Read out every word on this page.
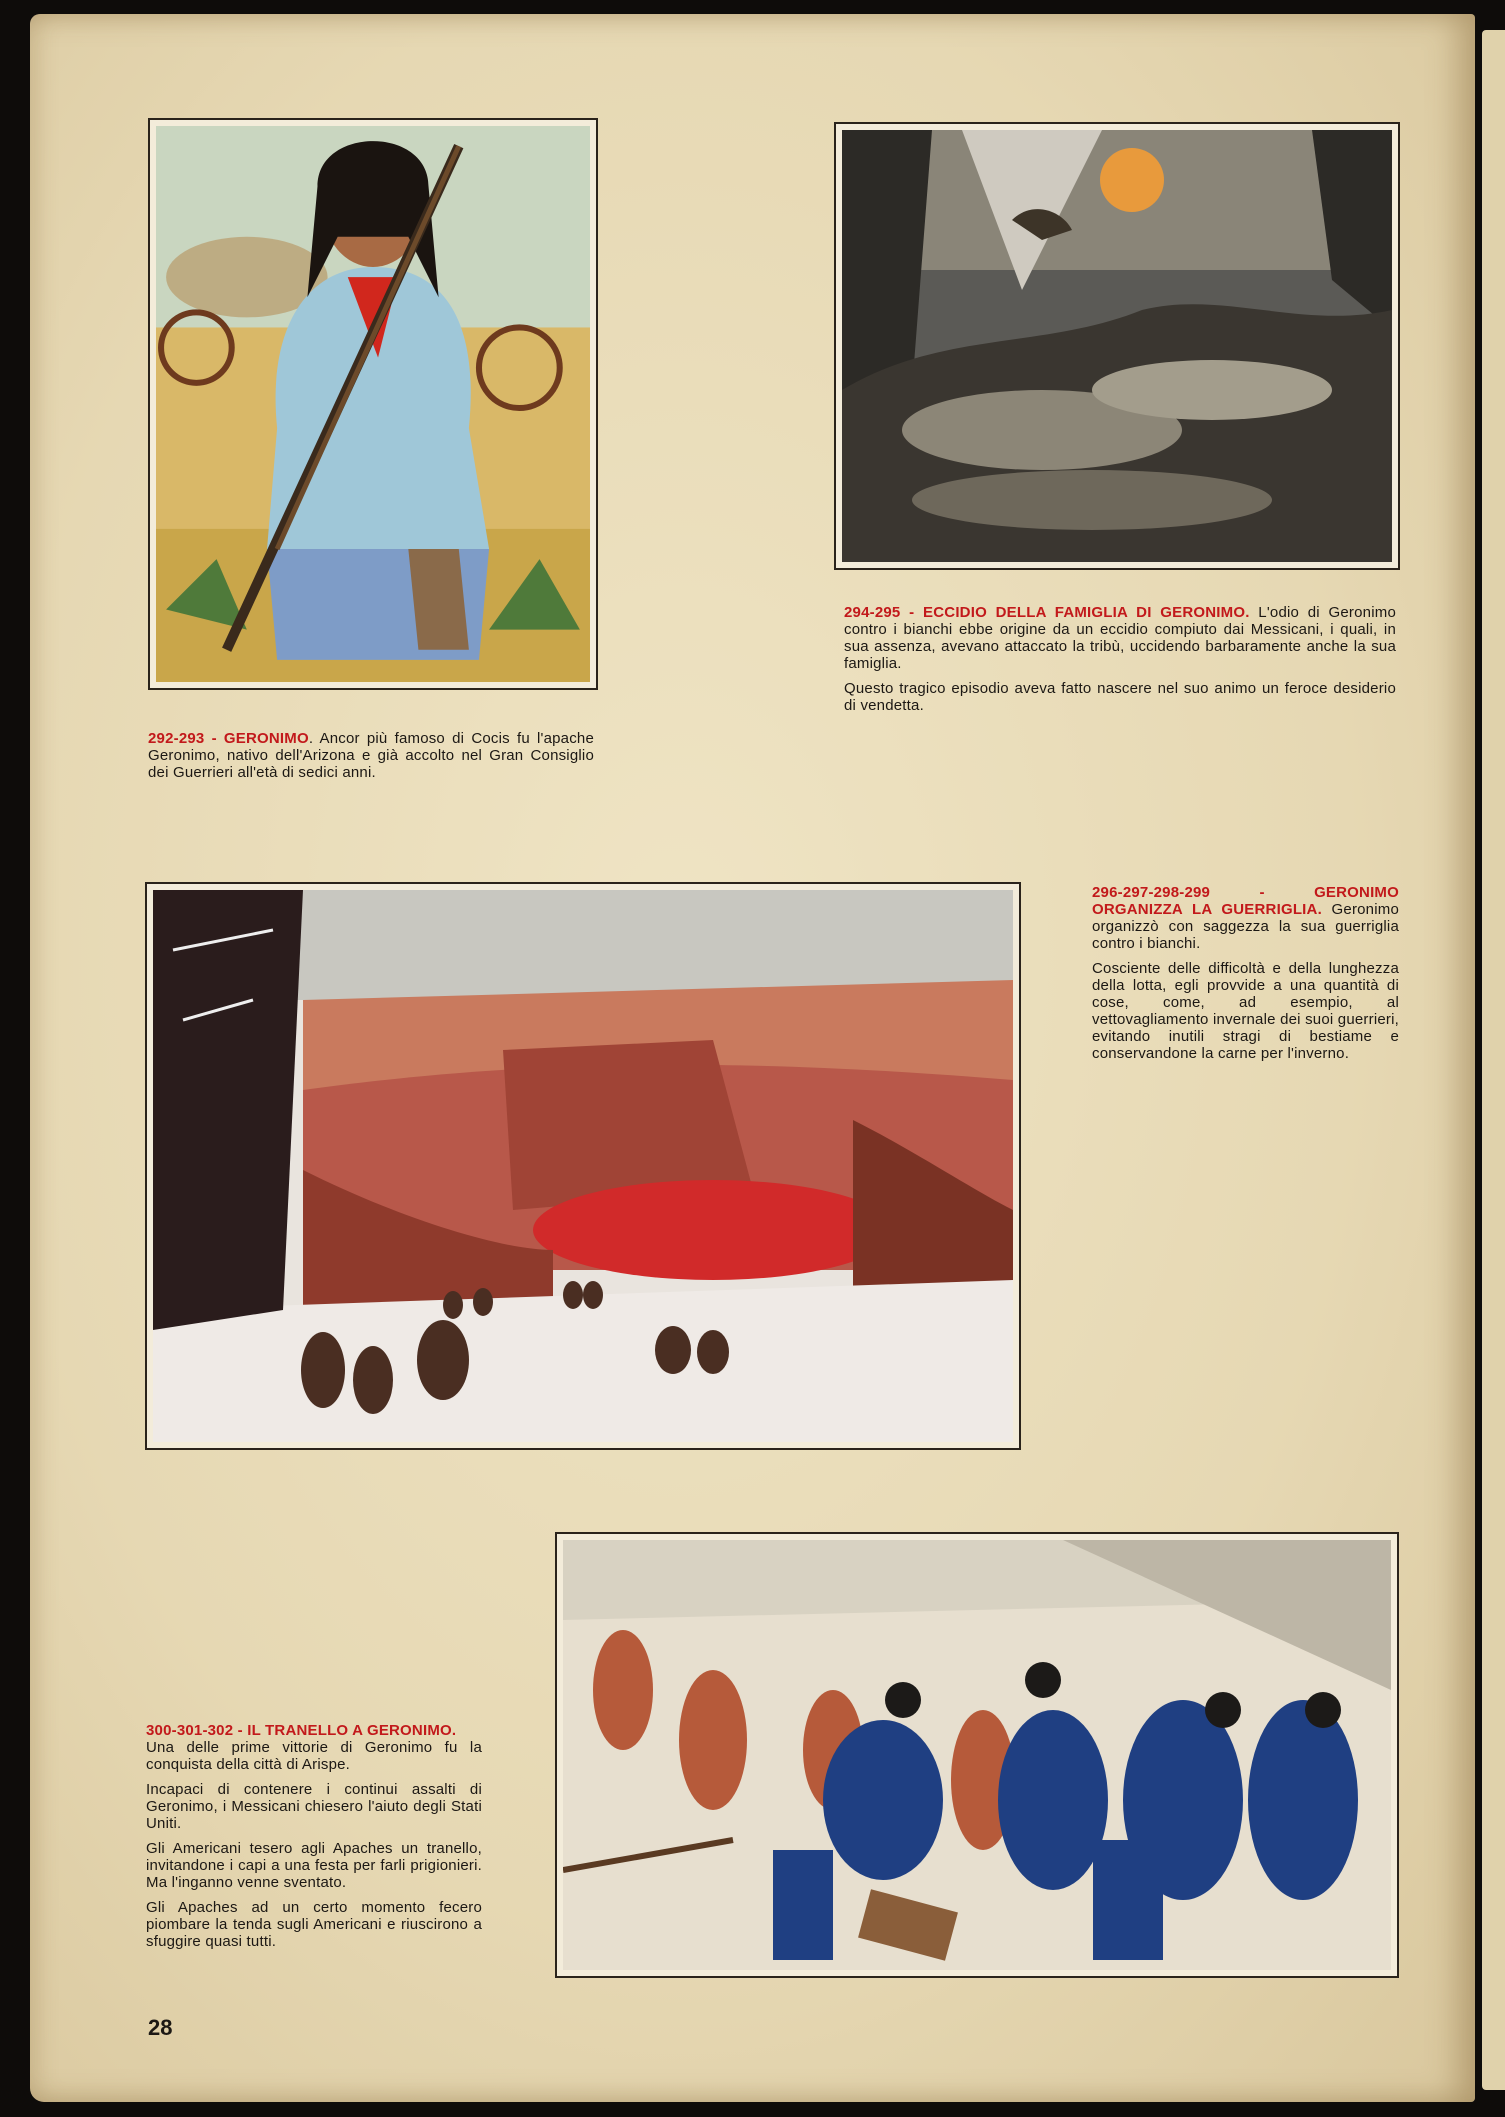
292-293 - GERONIMO. Ancor più famoso di Cocis fu l'apache Geronimo, nativo dell'Arizona e già accolto nel Gran Consiglio dei Guerrieri all'età di sedici anni.

294-295 - ECCIDIO DELLA FAMIGLIA DI GERONIMO. L'odio di Geronimo contro i bianchi ebbe origine da un eccidio compiuto dai Messicani, i quali, in sua assenza, avevano attaccato la tribù, uccidendo barbaramente anche la sua famiglia.

Questo tragico episodio aveva fatto nascere nel suo animo un feroce desiderio di vendetta.

296-297-298-299 - GERONIMO ORGANIZZA LA GUERRIGLIA. Geronimo organizzò con saggezza la sua guerriglia contro i bianchi.

Cosciente delle difficoltà e della lunghezza della lotta, egli provvide a una quantità di cose, come, ad esempio, al vettovagliamento invernale dei suoi guerrieri, evitando inutili stragi di bestiame e conservandone la carne per l'inverno.

300-301-302 - IL TRANELLO A GERONIMO.
Una delle prime vittorie di Geronimo fu la conquista della città di Arispe.

Incapaci di contenere i continui assalti di Geronimo, i Messicani chiesero l'aiuto degli Stati Uniti.

Gli Americani tesero agli Apaches un tranello, invitandone i capi a una festa per farli prigionieri. Ma l'inganno venne sventato.

Gli Apaches ad un certo momento fecero piombare la tenda sugli Americani e riuscirono a sfuggire quasi tutti.

28
